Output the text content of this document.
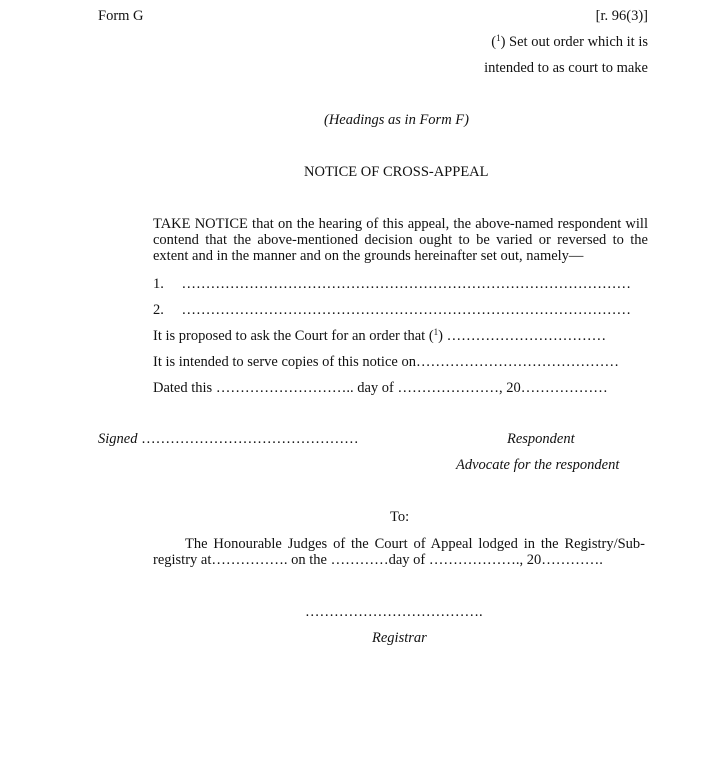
Form G	[r. 96(3)]
($^1$) Set out order which it is
intended to as court to make
(Headings as in Form F)
NOTICE OF CROSS-APPEAL
TAKE NOTICE that on the hearing of this appeal, the above-named respondent will contend that the above-mentioned decision ought to be varied or reversed to the extent and in the manner and on the grounds hereinafter set out, namely—
1. …………………………………………………………………………………
2. …………………………………………………………………………………
It is proposed to ask the Court for an order that ($^1$) ……………………………
It is intended to serve copies of this notice on……………………………………
Dated this ……………………….. day of …………………, 20………………
Signed ………………………………………	Respondent
Advocate for the respondent
To:
The Honourable Judges of the Court of Appeal lodged in the Registry/Sub-registry at……………. on the …………day of ………………., 20………….
……………………………….
Registrar
